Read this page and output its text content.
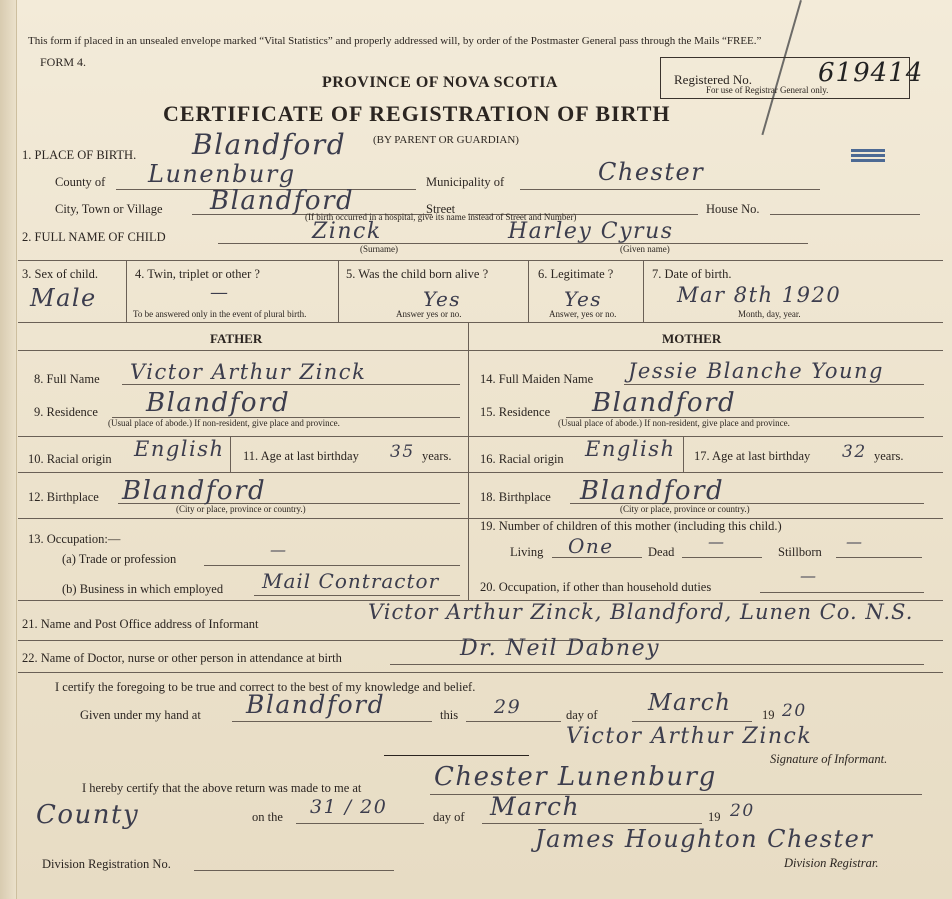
This form if placed in an unsealed envelope marked “Vital Statistics” and properly addressed will, by order of the Postmaster General pass through the Mails “FREE.”
FORM 4.
PROVINCE OF NOVA SCOTIA
CERTIFICATE OF REGISTRATION OF BIRTH
(BY PARENT OR GUARDIAN)
Registered No.	619414
For use of Registrar General only.
1. PLACE OF BIRTH. Blandford
County of Lunenburg	Municipality of	Chester
City, Town or Village Blandford	Street	House No.
(If birth occurred in a hospital, give its name instead of Street and Number)
2. FULL NAME OF CHILD	Zinck	Harley Cyrus
(Surname)	(Given name)
3. Sex of child.
Male
4. Twin, triplet or other ?
—
To be answered only in the event of plural birth.
5. Was the child born alive ?
Yes
Answer yes or no.
6. Legitimate ?
Yes
Answer, yes or no.
7. Date of birth.
Mar 8th 1920
Month, day, year.
FATHER	MOTHER
8. Full Name Victor Arthur Zinck
9. Residence Blandford
(Usual place of abode.) If non-resident, give place and province.
10. Racial origin English 11. Age at last birthday 35 years.
12. Birthplace Blandford
(City or place, province or country.)
13. Occupation:—
(a) Trade or profession	—
(b) Business in which employed Mail Contractor
14. Full Maiden Name Jessie Blanche Young
15. Residence Blandford
(Usual place of abode.) If non-resident, give place and province.
16. Racial origin English 17. Age at last birthday 32 years.
18. Birthplace Blandford
(City or place, province or country.)
19. Number of children of this mother (including this child.)
Living One	Dead
—
Stillborn
—
20. Occupation, if other than household duties
—
21. Name and Post Office address of Informant	Victor Arthur Zinck, Blandford, Lunen Co. N.S.
22. Name of Doctor, nurse or other person in attendance at birth	Dr. Neil Dabney
I certify the foregoing to be true and correct to the best of my knowledge and belief.
Given under my hand at Blandford	this 29	day of March 19 20
Victor Arthur Zinck
Signature of Informant.
I hereby certify that the above return was made to me at	Chester Lunenburg
County	on the 31 / 20	day of March	19 20
James Houghton Chester
Division Registrar.
Division Registration No.
